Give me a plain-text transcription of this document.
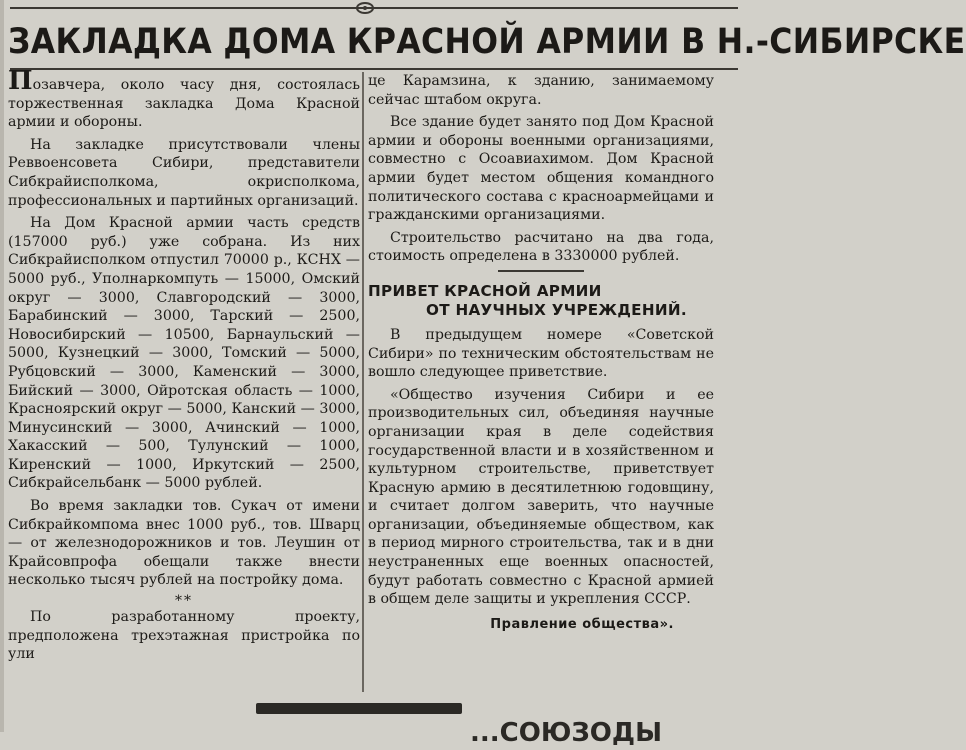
ЗАКЛАДКА ДОМА КРАСНОЙ АРМИИ В Н.-СИБИРСКЕ

Позавчера, около часу дня, состоялась торжественная закладка Дома Красной армии и обороны.

На закладке присутствовали члены Реввоенсовета Сибири, представители Сибкрайисполкома, окрисполкома, профессиональных и партийных организаций.

На Дом Красной армии часть средств (157000 руб.) уже собрана. Из них Сибкрайисполком отпустил 70000 р., КСНХ — 5000 руб., Уполнаркомпуть — 15000, Омский округ — 3000, Славгородский — 3000, Барабинский — 3000, Тарский — 2500, Новосибирский — 10500, Барнаульский — 5000, Кузнецкий — 3000, Томский — 5000, Рубцовский — 3000, Каменский — 3000, Бийский — 3000, Ойротская область — 1000, Красноярский округ — 5000, Канский — 3000, Минусинский — 3000, Ачинский — 1000, Хакасский — 500, Тулунский — 1000, Киренский — 1000, Иркутский — 2500, Сибкрайсельбанк — 5000 рублей.

Во время закладки тов. Сукач от имени Сибкрайкомпома внес 1000 руб., тов. Шварц — от железнодорожников и тов. Леушин от Крайсовпрофа обещали также внести несколько тысяч рублей на постройку дома.

**

По разработанному проекту, предположена трехэтажная пристройка по ули

це Карамзина, к зданию, занимаемому сейчас штабом округа.

Все здание будет занято под Дом Красной армии и обороны военными организациями, совместно с Осоавиахимом. Дом Красной армии будет местом общения командного политического состава с красноармейцами и гражданскими организациями.

Строительство расчитано на два года, стоимость определена в 3330000 рублей.

ПРИВЕТ КРАСНОЙ АРМИИ

ОТ НАУЧНЫХ УЧРЕЖДЕНИЙ.

В предыдущем номере «Советской Сибири» по техническим обстоятельствам не вошло следующее приветствие.

«Общество изучения Сибири и ее производительных сил, объединяя научные организации края в деле содействия государственной власти и в хозяйственном и культурном строительстве, приветствует Красную армию в десятилетнюю годовщину, и считает долгом заверить, что научные организации, объединяемые обществом, как в период мирного строительства, так и в дни неустраненных еще военных опасностей, будут работать совместно с Красной армией в общем деле защиты и укрепления СССР.

Правление общества».

...СОЮЗОДЫ
